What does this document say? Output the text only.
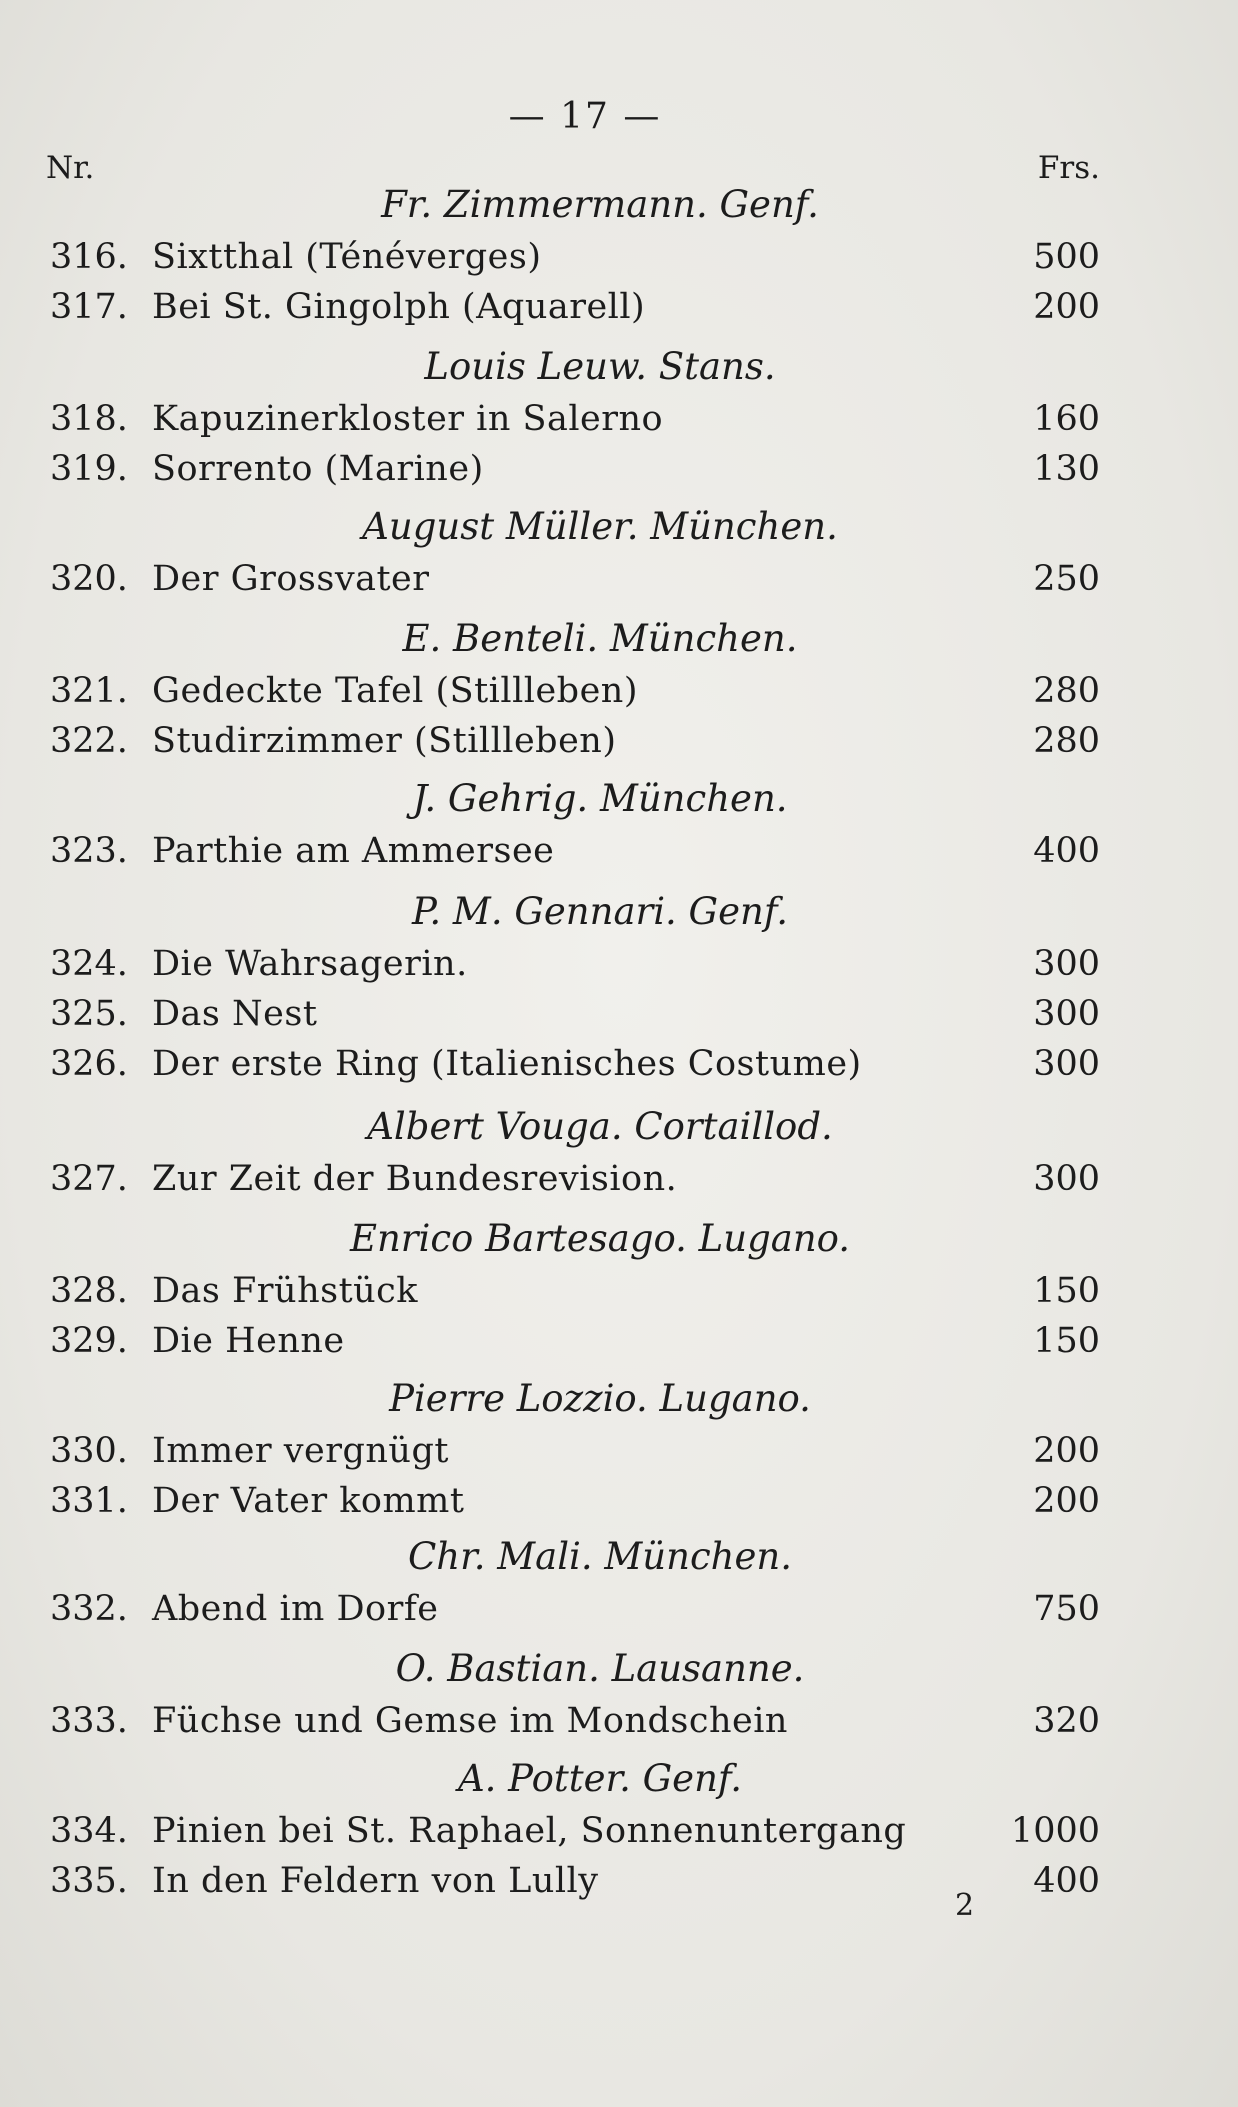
— 17 —
Nr.	Frs.
Fr. Zimmermann. Genf.
316. Sixtthal (Ténéverges)	500
317. Bei St. Gingolph (Aquarell)	200
Louis Leuw. Stans.
318. Kapuzinerkloster in Salerno	160
319. Sorrento (Marine)	130
August Müller. München.
320. Der Grossvater	250
E. Benteli. München.
321. Gedeckte Tafel (Stillleben)	280
322. Studirzimmer (Stillleben)	280
J. Gehrig. München.
323. Parthie am Ammersee	400
P. M. Gennari. Genf.
324. Die Wahrsagerin.	300
325. Das Nest	300
326. Der erste Ring (Italienisches Costume)	300
Albert Vouga. Cortaillod.
327. Zur Zeit der Bundesrevision.	300
Enrico Bartesago. Lugano.
328. Das Frühstück	150
329. Die Henne	150
Pierre Lozzio. Lugano.
330. Immer vergnügt	200
331. Der Vater kommt	200
Chr. Mali. München.
332. Abend im Dorfe	750
O. Bastian. Lausanne.
333. Füchse und Gemse im Mondschein	320
A. Potter. Genf.
334. Pinien bei St. Raphael, Sonnenuntergang	1000
335. In den Feldern von Lully	400
2
